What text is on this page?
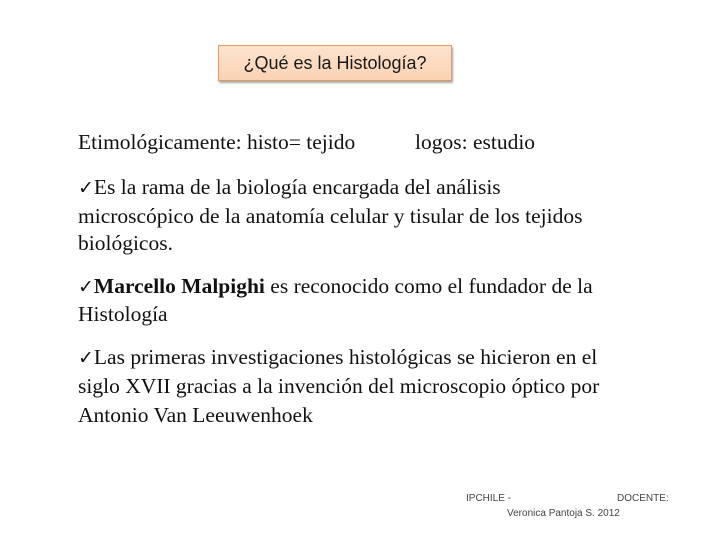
¿Qué es la Histología?
Etimológicamente: histo= tejido	logos: estudio
✓Es la rama de la biología encargada del análisis
microscópico de la anatomía celular y tisular de los tejidos
biológicos.
✓Marcello Malpighi es reconocido como el fundador de la
Histología
✓Las primeras investigaciones histológicas se hicieron en el
siglo XVII gracias a la invención del microscopio óptico por
Antonio Van Leeuwenhoek
IPCHILE -	DOCENTE:
Veronica Pantoja S. 2012
